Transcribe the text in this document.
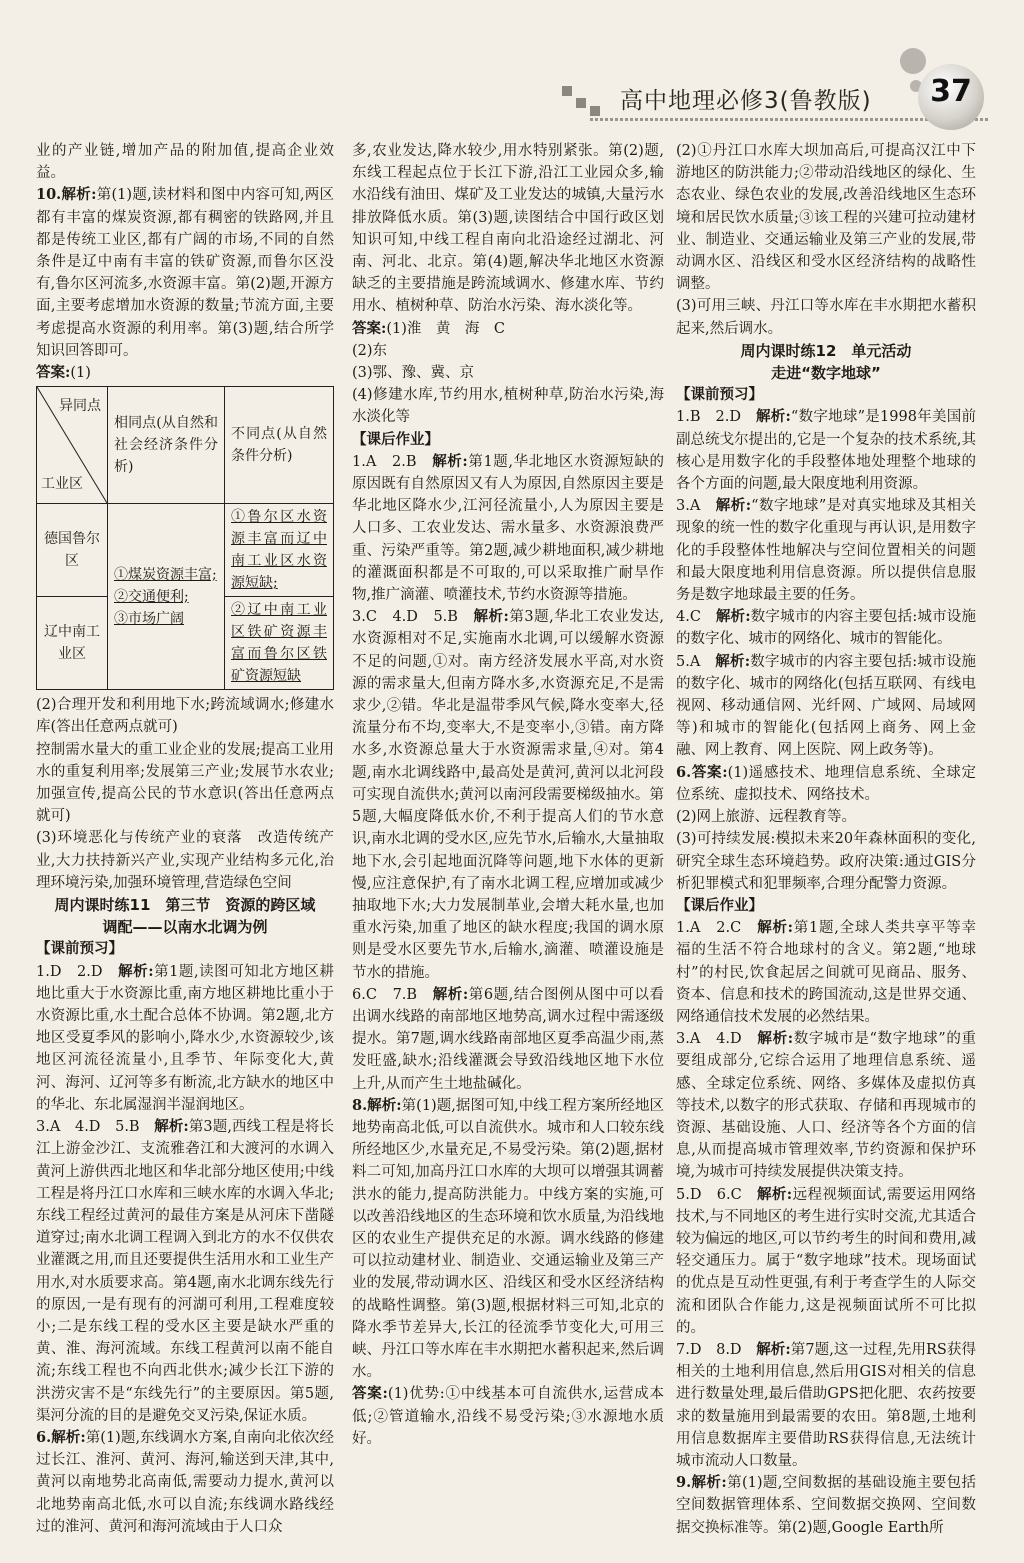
高中地理必修3(鲁教版)	37

业的产业链,增加产品的附加值,提高企业效益。

10.解析:第(1)题,读材料和图中内容可知,两区都有丰富的煤炭资源,都有稠密的铁路网,并且都是传统工业区,都有广阔的市场,不同的自然条件是辽中南有丰富的铁矿资源,而鲁尔区没有,鲁尔区河流多,水资源丰富。第(2)题,开源方面,主要考虑增加水资源的数量;节流方面,主要考虑提高水资源的利用率。第(3)题,结合所学知识回答即可。

答案:(1)

异同点
工业区	相同点(从自然和社会经济条件分析)	不同点(从自然条件分析)
德国鲁尔区	①煤炭资源丰富;
②交通便利;
③市场广阔	①鲁尔区水资源丰富而辽中南工业区水资源短缺;
辽中南工业区		②辽中南工业区铁矿资源丰富而鲁尔区铁矿资源短缺

(2)合理开发和利用地下水;跨流域调水;修建水库(答出任意两点就可)

控制需水量大的重工业企业的发展;提高工业用水的重复利用率;发展第三产业;发展节水农业;加强宣传,提高公民的节水意识(答出任意两点就可)

(3)环境恶化与传统产业的衰落　改造传统产业,大力扶持新兴产业,实现产业结构多元化,治理环境污染,加强环境管理,营造绿色空间

周内课时练11　第三节　资源的跨区域

调配——以南水北调为例

【课前预习】

1.D　2.D　解析:第1题,读图可知北方地区耕地比重大于水资源比重,南方地区耕地比重小于水资源比重,水土配合总体不协调。第2题,北方地区受夏季风的影响小,降水少,水资源较少,该地区河流径流量小,且季节、年际变化大,黄河、海河、辽河等多有断流,北方缺水的地区中的华北、东北属湿润半湿润地区。

3.A　4.D　5.B　解析:第3题,西线工程是将长江上游金沙江、支流雅砻江和大渡河的水调入黄河上游供西北地区和华北部分地区使用;中线工程是将丹江口水库和三峡水库的水调入华北;东线工程经过黄河的最佳方案是从河床下凿隧道穿过;南水北调工程调入到北方的水不仅供农业灌溉之用,而且还要提供生活用水和工业生产用水,对水质要求高。第4题,南水北调东线先行的原因,一是有现有的河湖可利用,工程难度较小;二是东线工程的受水区主要是缺水严重的黄、淮、海河流域。东线工程黄河以南不能自流;东线工程也不向西北供水;减少长江下游的洪涝灾害不是“东线先行”的主要原因。第5题,渠河分流的目的是避免交叉污染,保证水质。

6.解析:第(1)题,东线调水方案,自南向北依次经过长江、淮河、黄河、海河,输送到天津,其中,黄河以南地势北高南低,需要动力提水,黄河以北地势南高北低,水可以自流;东线调水路线经过的淮河、黄河和海河流域由于人口众

多,农业发达,降水较少,用水特别紧张。第(2)题,东线工程起点位于长江下游,沿江工业园众多,输水沿线有油田、煤矿及工业发达的城镇,大量污水排放降低水质。第(3)题,读图结合中国行政区划知识可知,中线工程自南向北沿途经过湖北、河南、河北、北京。第(4)题,解决华北地区水资源缺乏的主要措施是跨流域调水、修建水库、节约用水、植树种草、防治水污染、海水淡化等。

答案:(1)淮　黄　海　C

(2)东

(3)鄂、豫、冀、京

(4)修建水库,节约用水,植树种草,防治水污染,海水淡化等

【课后作业】

1.A　2.B　解析:第1题,华北地区水资源短缺的原因既有自然原因又有人为原因,自然原因主要是华北地区降水少,江河径流量小,人为原因主要是人口多、工农业发达、需水量多、水资源浪费严重、污染严重等。第2题,减少耕地面积,减少耕地的灌溉面积都是不可取的,可以采取推广耐旱作物,推广滴灌、喷灌技术,节约水资源等措施。

3.C　4.D　5.B　解析:第3题,华北工农业发达,水资源相对不足,实施南水北调,可以缓解水资源不足的问题,①对。南方经济发展水平高,对水资源的需求量大,但南方降水多,水资源充足,不是需求少,②错。华北是温带季风气候,降水变率大,径流量分布不均,变率大,不是变率小,③错。南方降水多,水资源总量大于水资源需求量,④对。第4题,南水北调线路中,最高处是黄河,黄河以北河段可实现自流供水;黄河以南河段需要梯级抽水。第5题,大幅度降低水价,不利于提高人们的节水意识,南水北调的受水区,应先节水,后输水,大量抽取地下水,会引起地面沉降等问题,地下水体的更新慢,应注意保护,有了南水北调工程,应增加或减少抽取地下水;大力发展制革业,会增大耗水量,也加重水污染,加重了地区的缺水程度;我国的调水原则是受水区要先节水,后输水,滴灌、喷灌设施是节水的措施。

6.C　7.B　解析:第6题,结合图例从图中可以看出调水线路的南部地区地势高,调水过程中需逐级提水。第7题,调水线路南部地区夏季高温少雨,蒸发旺盛,缺水;沿线灌溉会导致沿线地区地下水位上升,从而产生土地盐碱化。

8.解析:第(1)题,据图可知,中线工程方案所经地区地势南高北低,可以自流供水。城市和人口较东线所经地区少,水量充足,不易受污染。第(2)题,据材料二可知,加高丹江口水库的大坝可以增强其调蓄洪水的能力,提高防洪能力。中线方案的实施,可以改善沿线地区的生态环境和饮水质量,为沿线地区的农业生产提供充足的水源。调水线路的修建可以拉动建材业、制造业、交通运输业及第三产业的发展,带动调水区、沿线区和受水区经济结构的战略性调整。第(3)题,根据材料三可知,北京的降水季节差异大,长江的径流季节变化大,可用三峡、丹江口等水库在丰水期把水蓄积起来,然后调水。

答案:(1)优势:①中线基本可自流供水,运营成本低;②管道输水,沿线不易受污染;③水源地水质好。

(2)①丹江口水库大坝加高后,可提高汉江中下游地区的防洪能力;②带动沿线地区的绿化、生态农业、绿色农业的发展,改善沿线地区生态环境和居民饮水质量;③该工程的兴建可拉动建材业、制造业、交通运输业及第三产业的发展,带动调水区、沿线区和受水区经济结构的战略性调整。

(3)可用三峡、丹江口等水库在丰水期把水蓄积起来,然后调水。

周内课时练12　单元活动

走进“数字地球”

【课前预习】

1.B　2.D　解析:“数字地球”是1998年美国前副总统戈尔提出的,它是一个复杂的技术系统,其核心是用数字化的手段整体地处理整个地球的各个方面的问题,最大限度地利用资源。

3.A　解析:“数字地球”是对真实地球及其相关现象的统一性的数字化重现与再认识,是用数字化的手段整体性地解决与空间位置相关的问题和最大限度地利用信息资源。所以提供信息服务是数字地球最主要的任务。

4.C　解析:数字城市的内容主要包括:城市设施的数字化、城市的网络化、城市的智能化。

5.A　解析:数字城市的内容主要包括:城市设施的数字化、城市的网络化(包括互联网、有线电视网、移动通信网、光纤网、广域网、局域网等)和城市的智能化(包括网上商务、网上金融、网上教育、网上医院、网上政务等)。

6.答案:(1)遥感技术、地理信息系统、全球定位系统、虚拟技术、网络技术。

(2)网上旅游、远程教育等。

(3)可持续发展:模拟未来20年森林面积的变化,研究全球生态环境趋势。政府决策:通过GIS分析犯罪模式和犯罪频率,合理分配警力资源。

【课后作业】

1.A　2.C　解析:第1题,全球人类共享平等幸福的生活不符合地球村的含义。第2题,“地球村”的村民,饮食起居之间就可见商品、服务、资本、信息和技术的跨国流动,这是世界交通、网络通信技术发展的必然结果。

3.A　4.D　解析:数字城市是“数字地球”的重要组成部分,它综合运用了地理信息系统、遥感、全球定位系统、网络、多媒体及虚拟仿真等技术,以数字的形式获取、存储和再现城市的资源、基础设施、人口、经济等各个方面的信息,从而提高城市管理效率,节约资源和保护环境,为城市可持续发展提供决策支持。

5.D　6.C　解析:远程视频面试,需要运用网络技术,与不同地区的考生进行实时交流,尤其适合较为偏远的地区,可以节约考生的时间和费用,减轻交通压力。属于“数字地球”技术。现场面试的优点是互动性更强,有利于考查学生的人际交流和团队合作能力,这是视频面试所不可比拟的。

7.D　8.D　解析:第7题,这一过程,先用RS获得相关的土地利用信息,然后用GIS对相关的信息进行数量处理,最后借助GPS把化肥、农药按要求的数量施用到最需要的农田。第8题,土地利用信息数据库主要借助RS获得信息,无法统计城市流动人口数量。

9.解析:第(1)题,空间数据的基础设施主要包括空间数据管理体系、空间数据交换网、空间数据交换标准等。第(2)题,Google Earth所
